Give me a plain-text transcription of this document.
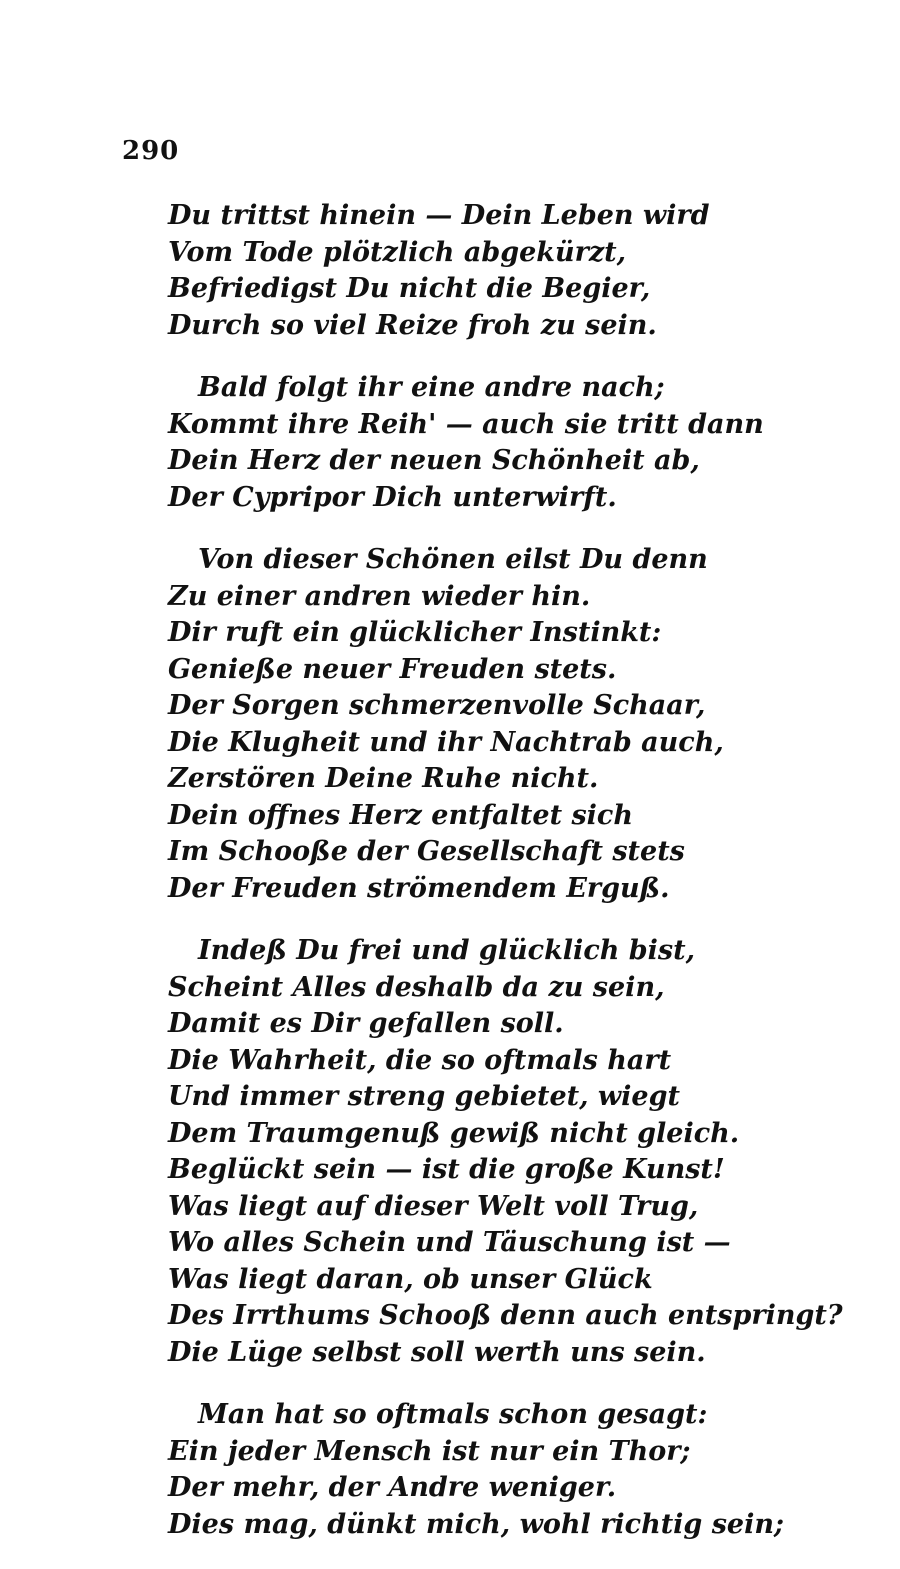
290
Du trittst hinein — Dein Leben wird
Vom Tode plötzlich abgekürzt,
Befriedigst Du nicht die Begier,
Durch so viel Reize froh zu sein.
Bald folgt ihr eine andre nach;
Kommt ihre Reih' — auch sie tritt dann
Dein Herz der neuen Schönheit ab,
Der Cypripor Dich unterwirft.
Von dieser Schönen eilst Du denn
Zu einer andren wieder hin.
Dir ruft ein glücklicher Instinkt:
Genieße neuer Freuden stets.
Der Sorgen schmerzenvolle Schaar,
Die Klugheit und ihr Nachtrab auch,
Zerstören Deine Ruhe nicht.
Dein offnes Herz entfaltet sich
Im Schooße der Gesellschaft stets
Der Freuden strömendem Erguß.
Indeß Du frei und glücklich bist,
Scheint Alles deshalb da zu sein,
Damit es Dir gefallen soll.
Die Wahrheit, die so oftmals hart
Und immer streng gebietet, wiegt
Dem Traumgenuß gewiß nicht gleich.
Beglückt sein — ist die große Kunst!
Was liegt auf dieser Welt voll Trug,
Wo alles Schein und Täuschung ist —
Was liegt daran, ob unser Glück
Des Irrthums Schooß denn auch entspringt?
Die Lüge selbst soll werth uns sein.
Man hat so oftmals schon gesagt:
Ein jeder Mensch ist nur ein Thor;
Der mehr, der Andre weniger.
Dies mag, dünkt mich, wohl richtig sein;
